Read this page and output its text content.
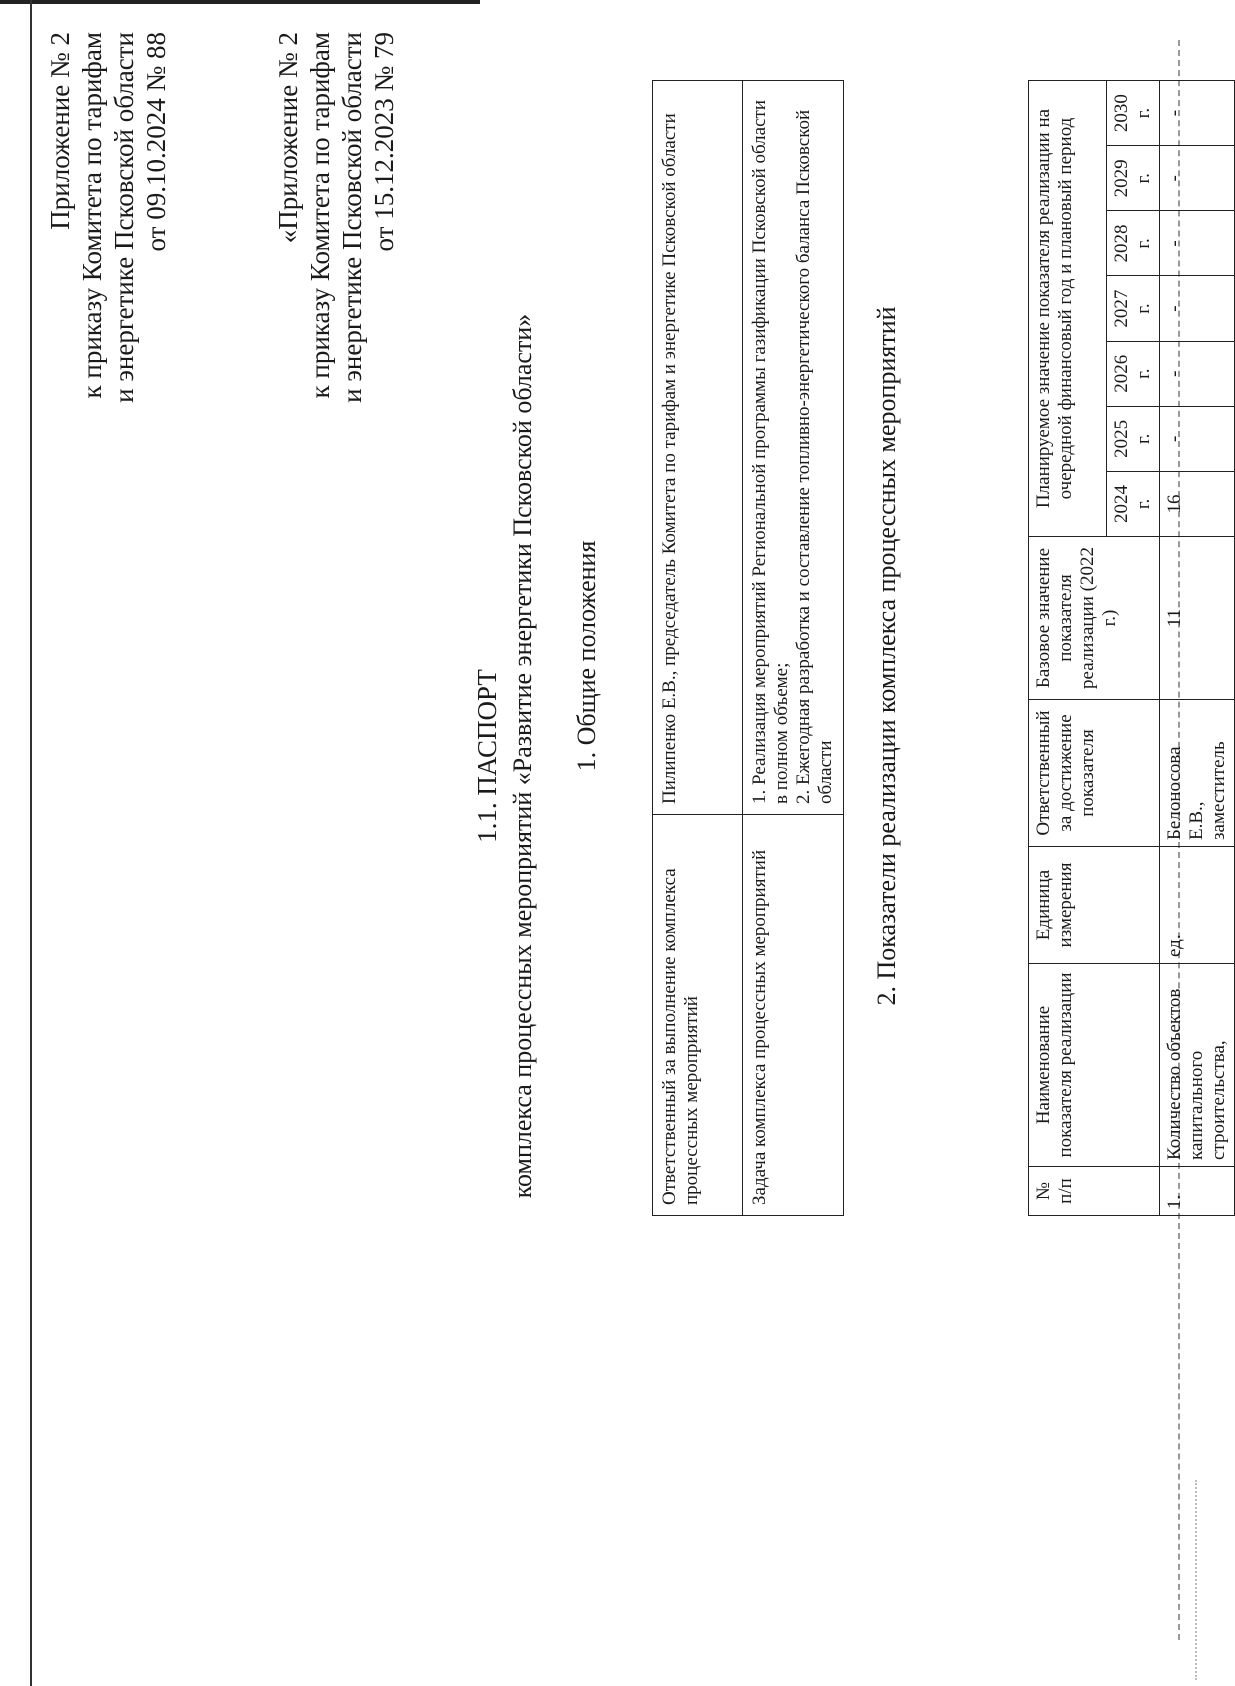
Приложение № 2 к приказу Комитета по тарифам и энергетике Псковской области от 09.10.2024 № 88	«Приложение № 2 к приказу Комитета по тарифам и энергетике Псковской области от 15.12.2023 № 79
1.1. ПАСПОРТ комплекса процессных мероприятий «Развитие энергетики Псковской области» 1. Общие положения
Ответственный за выполнение комплекса процессных мероприятий	Пилипенко Е.В., председатель Комитета по тарифам и энергетике Псковской области
Задача комплекса процессных мероприятий	1. Реализация мероприятий Региональной программы газификации Псковской области в полном объеме;
2. Ежегодная разработка и составление топливно-энергетического баланса Псковской области 2. Показатели реализации комплекса процессных мероприятий
№ п/п	Наименование показателя реализации	Единица измерения	Ответственный за достижение показателя	Базовое значение показателя реализации (2022 г.)	Планируемое значение показателя реализации на очередной финансовый год и плановый период						
					2024 г.	2025 г.	2026 г.	2027 г.	2028 г.	2029 г.	2030 г.
1.	Количество объектов капитального строительства,	ед.	Белоносова Е.В., заместитель	11	16	-	-	-	-	-	-
